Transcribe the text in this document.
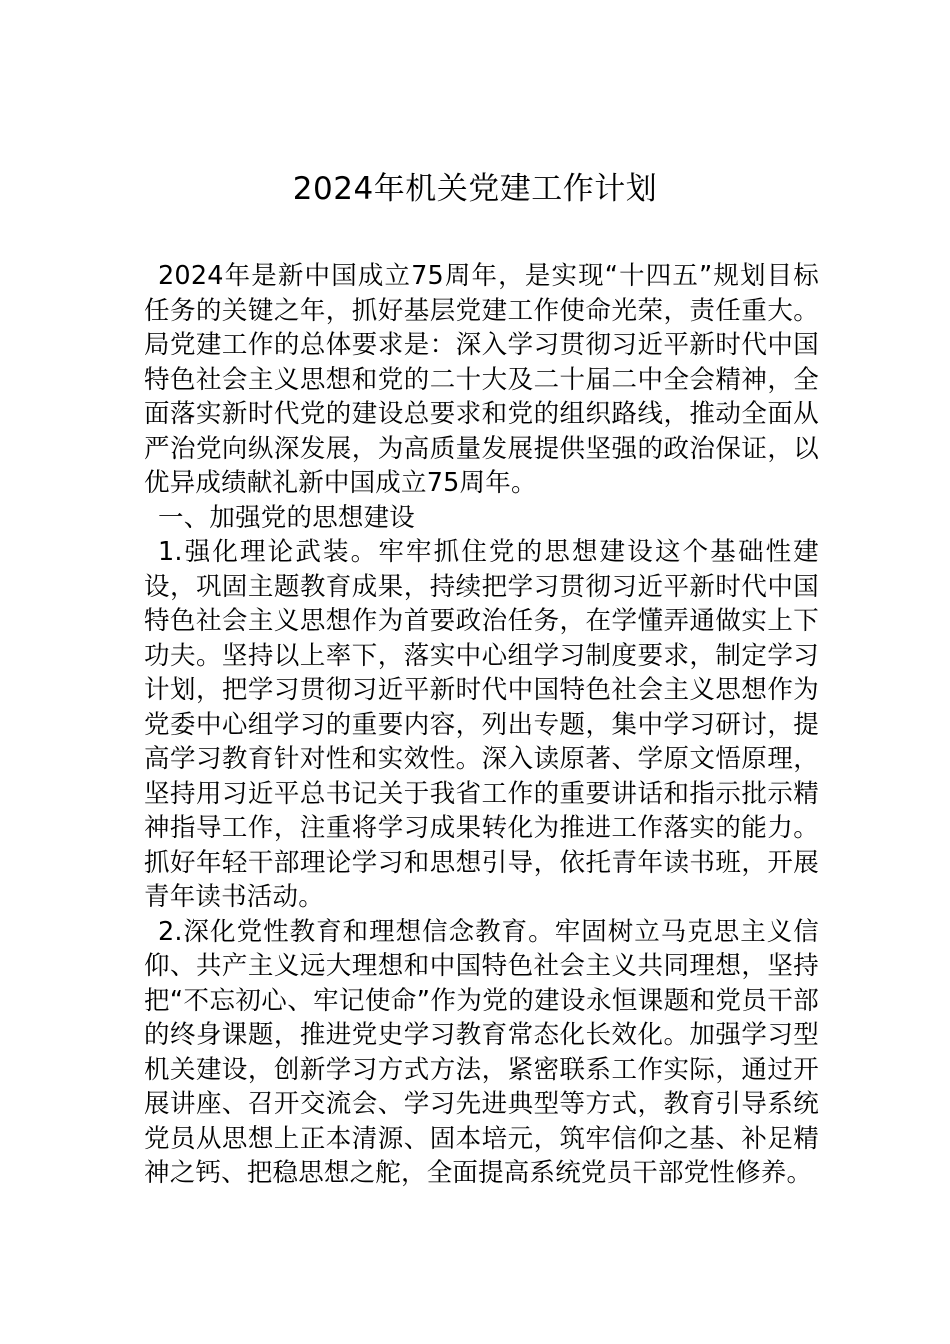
2024年机关党建工作计划

2024年是新中国成立75周年，是实现“十四五”规划目标任务的关键之年，抓好基层党建工作使命光荣，责任重大。局党建工作的总体要求是：深入学习贯彻习近平新时代中国特色社会主义思想和党的二十大及二十届二中全会精神，全面落实新时代党的建设总要求和党的组织路线，推动全面从严治党向纵深发展，为高质量发展提供坚强的政治保证，以优异成绩献礼新中国成立75周年。

一、加强党的思想建设

1.强化理论武装。牢牢抓住党的思想建设这个基础性建设，巩固主题教育成果，持续把学习贯彻习近平新时代中国特色社会主义思想作为首要政治任务，在学懂弄通做实上下功夫。坚持以上率下，落实中心组学习制度要求，制定学习计划，把学习贯彻习近平新时代中国特色社会主义思想作为党委中心组学习的重要内容，列出专题，集中学习研讨，提高学习教育针对性和实效性。深入读原著、学原文悟原理，坚持用习近平总书记关于我省工作的重要讲话和指示批示精神指导工作，注重将学习成果转化为推进工作落实的能力。抓好年轻干部理论学习和思想引导，依托青年读书班，开展青年读书活动。

2.深化党性教育和理想信念教育。牢固树立马克思主义信仰、共产主义远大理想和中国特色社会主义共同理想，坚持把“不忘初心、牢记使命”作为党的建设永恒课题和党员干部的终身课题，推进党史学习教育常态化长效化。加强学习型机关建设，创新学习方式方法，紧密联系工作实际，通过开展讲座、召开交流会、学习先进典型等方式，教育引导系统党员从思想上正本清源、固本培元，筑牢信仰之基、补足精神之钙、把稳思想之舵，全面提高系统党员干部党性修养。
